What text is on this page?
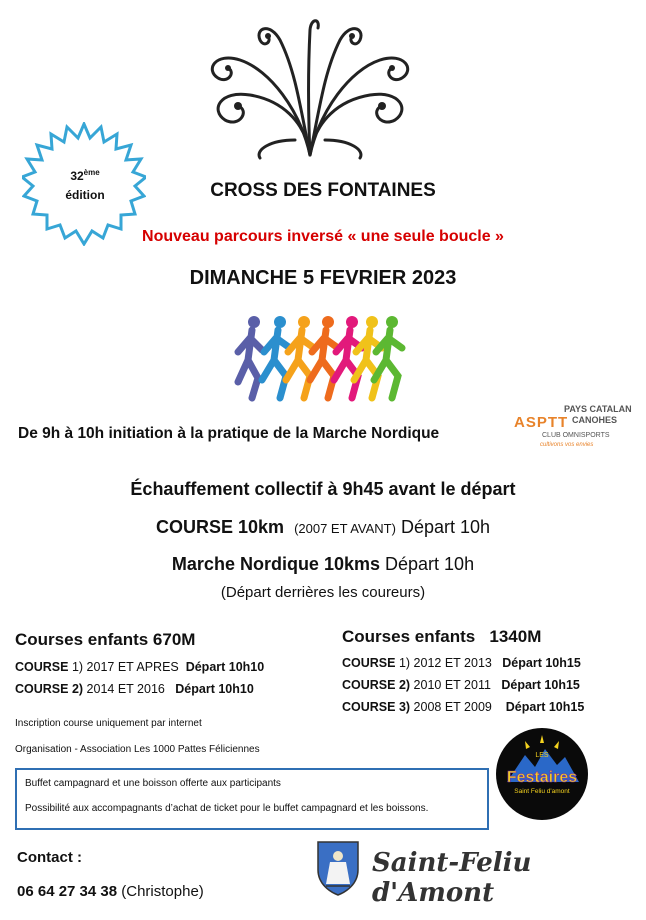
32ème
édition	CROSS DES FONTAINES
Nouveau parcours inversé « une seule boucle »
DIMANCHE 5 FEVRIER 2023
De 9h à 10h initiation à la pratique de la Marche Nordique
ASPTT
PAYS CATALAN
CANOHES
CLUB OMNISPORTS
cultivons vos envies
Échauffement collectif à 9h45 avant le départ
COURSE 10km (2007 ET AVANT) Départ 10h
Marche Nordique 10kms Départ 10h
(Départ derrières les coureurs)
Courses enfants 670M
COURSE 1) 2017 ET APRES Départ 10h10
COURSE 2) 2014 ET 2016 Départ 10h10
Courses enfants 1340M
COURSE 1) 2012 ET 2013 Départ 10h15
COURSE 2) 2010 ET 2011 Départ 10h15
COURSE 3) 2008 ET 2009 Départ 10h15
Inscription course uniquement par internet
Organisation - Association Les 1000 Pattes Féliciennes
LES
Festaires
Saint Feliu d'amont
Buffet campagnard et une boisson offerte aux participants
Possibilité aux accompagnants d’achat de ticket pour le buffet campagnard et les boissons.
Contact :
06 64 27 34 38 (Christophe)
Saint-Feliu d'Amont
